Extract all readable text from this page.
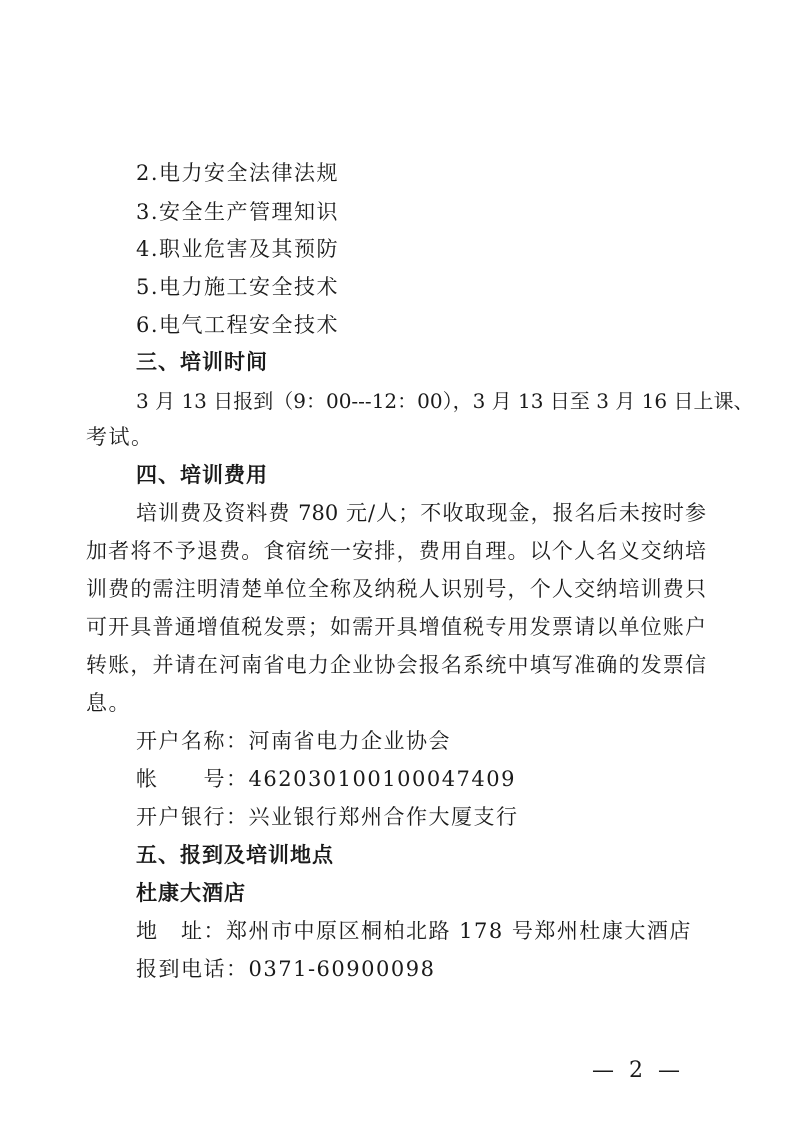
2.电力安全法律法规
3.安全生产管理知识
4.职业危害及其预防
5.电力施工安全技术
6.电气工程安全技术
三、培训时间
3 月 13 日报到（9：00---12：00），3 月 13 日至 3 月 16 日上课、
考试。
四、培训费用
培训费及资料费 780 元/人；不收取现金，报名后未按时参
加者将不予退费。食宿统一安排，费用自理。以个人名义交纳培
训费的需注明清楚单位全称及纳税人识别号，个人交纳培训费只
可开具普通增值税发票；如需开具增值税专用发票请以单位账户
转账，并请在河南省电力企业协会报名系统中填写准确的发票信
息。
开户名称：河南省电力企业协会
帐　　号：462030100100047409
开户银行：兴业银行郑州合作大厦支行
五、报到及培训地点
杜康大酒店
地　址：郑州市中原区桐柏北路 178 号郑州杜康大酒店
报到电话：0371-60900098
— 2 —
